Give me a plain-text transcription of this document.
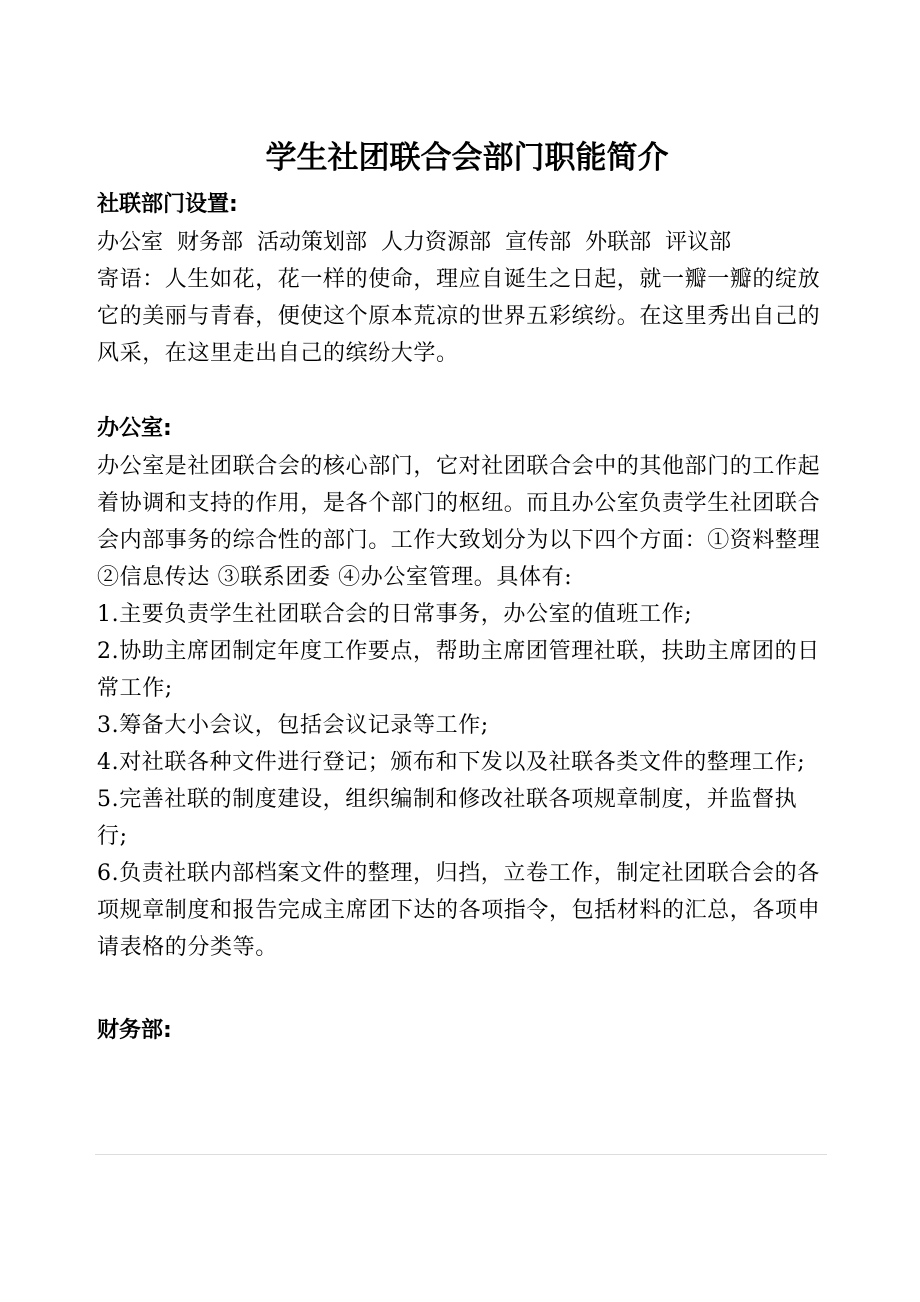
学生社团联合会部门职能简介

社联部门设置:

办公室 财务部 活动策划部 人力资源部 宣传部 外联部 评议部

寄语：人生如花，花一样的使命，理应自诞生之日起，就一瓣一瓣的绽放它的美丽与青春，便使这个原本荒凉的世界五彩缤纷。在这里秀出自己的风采，在这里走出自己的缤纷大学。

办公室:

办公室是社团联合会的核心部门，它对社团联合会中的其他部门的工作起着协调和支持的作用，是各个部门的枢纽。而且办公室负责学生社团联合会内部事务的综合性的部门。工作大致划分为以下四个方面：①资料整理 ②信息传达 ③联系团委 ④办公室管理。具体有:

1.主要负责学生社团联合会的日常事务，办公室的值班工作;

2.协助主席团制定年度工作要点，帮助主席团管理社联，扶助主席团的日常工作;

3.筹备大小会议，包括会议记录等工作;

4.对社联各种文件进行登记；颁布和下发以及社联各类文件的整理工作;

5.完善社联的制度建设，组织编制和修改社联各项规章制度，并监督执行;

6.负责社联内部档案文件的整理，归挡，立卷工作，制定社团联合会的各项规章制度和报告完成主席团下达的各项指令，包括材料的汇总，各项申请表格的分类等。

财务部:
